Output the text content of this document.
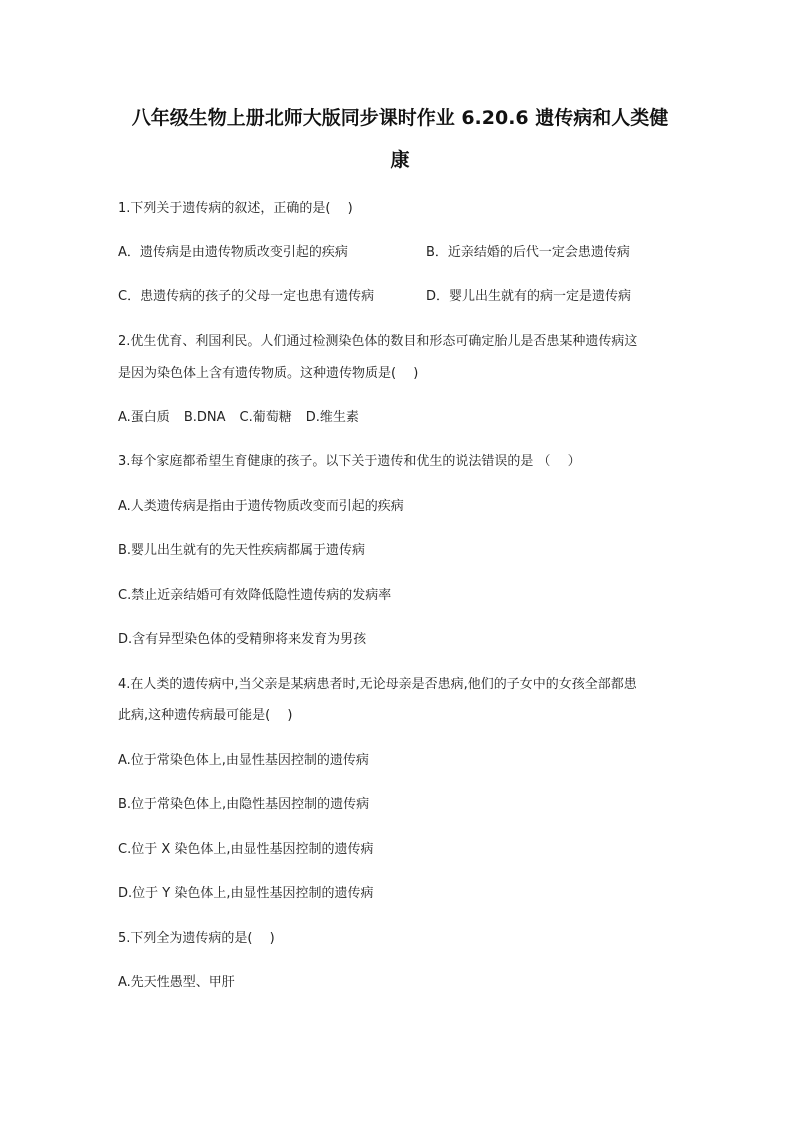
八年级生物上册北师大版同步课时作业 6.20.6 遗传病和人类健
康
1.下列关于遗传病的叙述，正确的是(　 )
A．遗传病是由遗传物质改变引起的疾病	B．近亲结婚的后代一定会患遗传病
C．患遗传病的孩子的父母一定也患有遗传病	D．婴儿出生就有的病一定是遗传病
2.优生优育、利国利民。人们通过检测染色体的数目和形态可确定胎儿是否患某种遗传病这
是因为染色体上含有遗传物质。这种遗传物质是(　 )
A.蛋白质 B.DNA C.葡萄糖 D.维生素
3.每个家庭都希望生育健康的孩子。以下关于遗传和优生的说法错误的是 （　 ）
A.人类遗传病是指由于遗传物质改变而引起的疾病
B.婴儿出生就有的先天性疾病都属于遗传病
C.禁止近亲结婚可有效降低隐性遗传病的发病率
D.含有异型染色体的受精卵将来发育为男孩
4.在人类的遗传病中,当父亲是某病患者时,无论母亲是否患病,他们的子女中的女孩全部都患
此病,这种遗传病最可能是(　 )
A.位于常染色体上,由显性基因控制的遗传病
B.位于常染色体上,由隐性基因控制的遗传病
C.位于 X 染色体上,由显性基因控制的遗传病
D.位于 Y 染色体上,由显性基因控制的遗传病
5.下列全为遗传病的是(　 )
A.先天性愚型、甲肝
